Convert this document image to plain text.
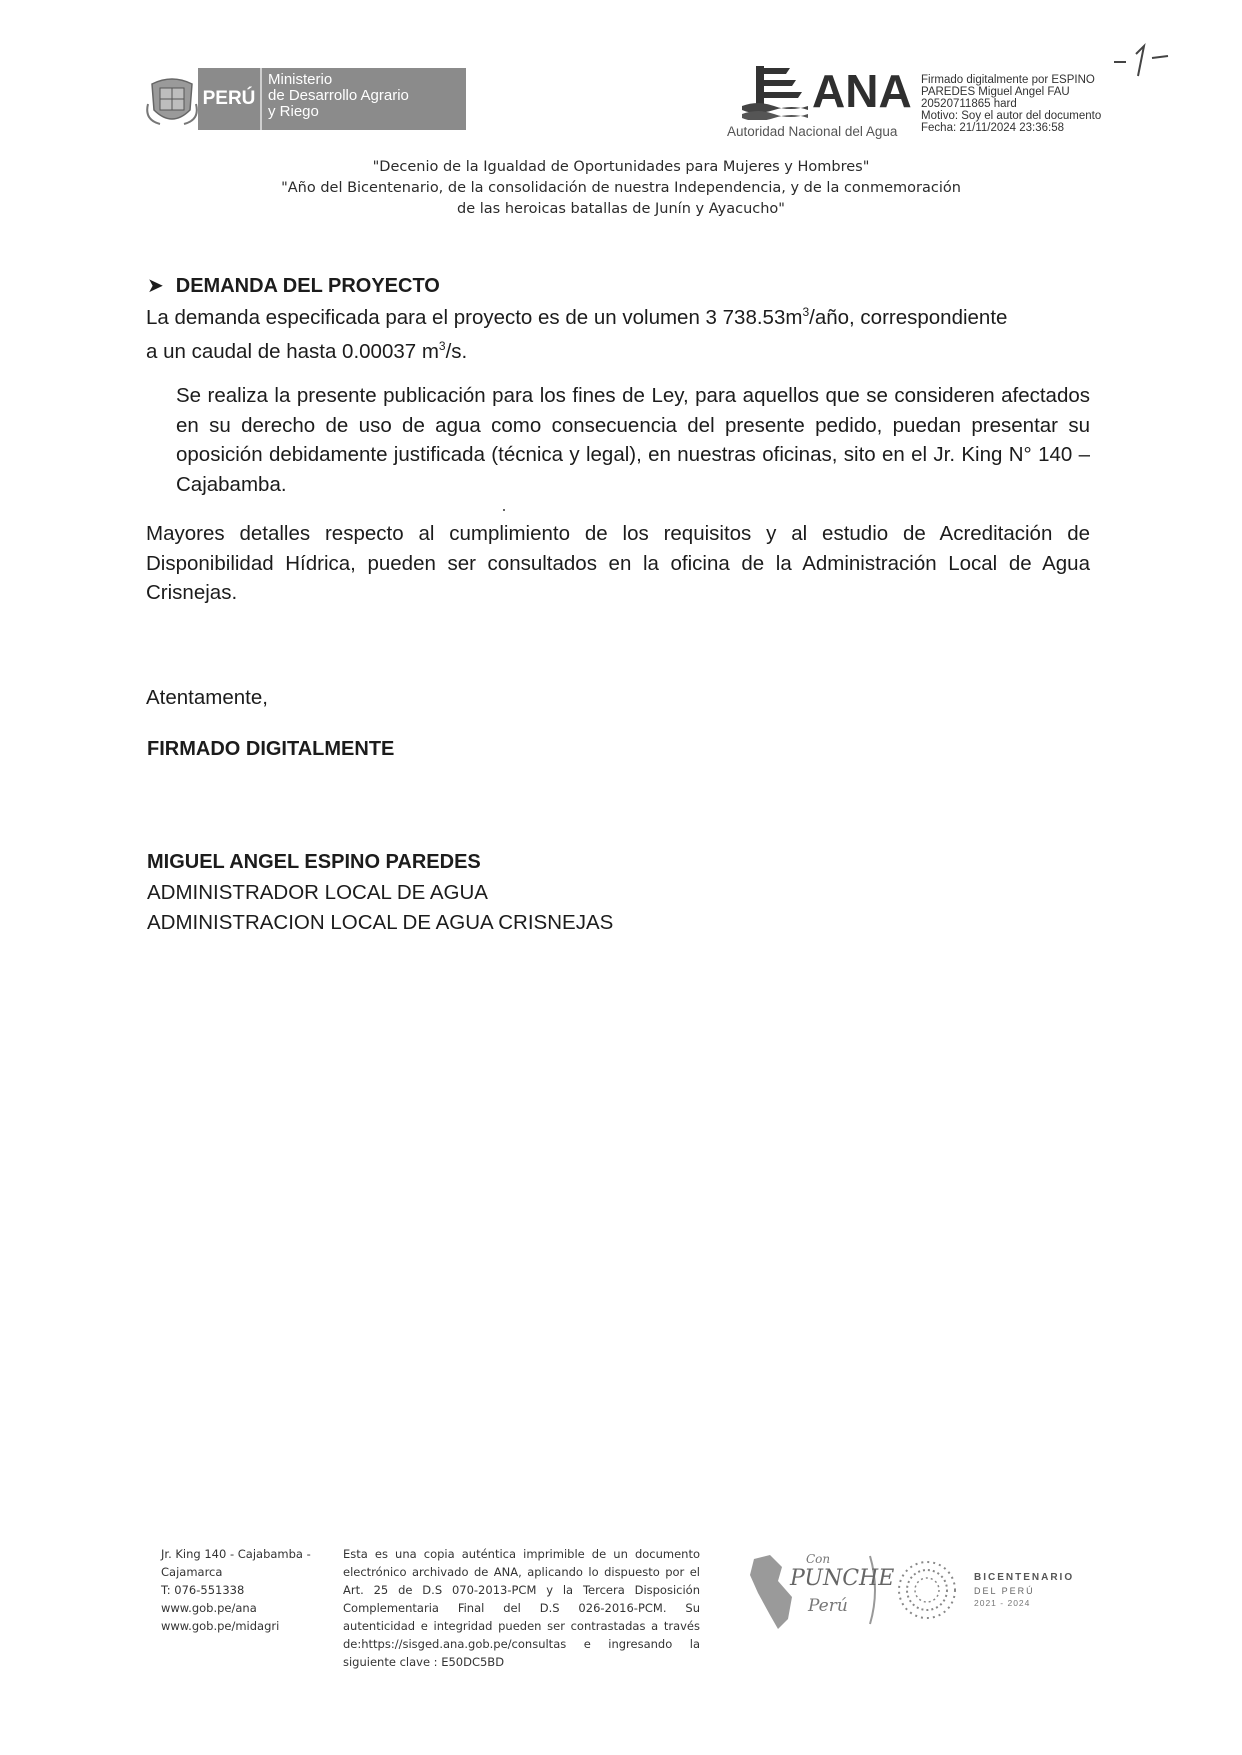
PERÚ
Ministerio
de Desarrollo Agrario
y Riego	ANA
Autoridad Nacional del Agua
Firmado digitalmente por ESPINO
PAREDES Miguel Angel FAU
20520711865 hard
Motivo: Soy el autor del documento
Fecha: 21/11/2024 23:36:58
"Decenio de la Igualdad de Oportunidades para Mujeres y Hombres"
"Año del Bicentenario, de la consolidación de nuestra Independencia, y de la conmemoración
de las heroicas batallas de Junín y Ayacucho"
➤ DEMANDA DEL PROYECTO
La demanda especificada para el proyecto es de un volumen 3 $738.53m^3$/año, correspondiente
a un caudal de hasta 0.00037 $m^3/s$.
Se realiza la presente publicación para los fines de Ley, para aquellos que se consideren afectados en su derecho de uso de agua como consecuencia del presente pedido, puedan presentar su oposición debidamente justificada (técnica y legal), en nuestras oficinas, sito en el Jr. King N° 140 – Cajabamba.
Mayores detalles respecto al cumplimiento de los requisitos y al estudio de Acreditación de Disponibilidad Hídrica, pueden ser consultados en la oficina de la Administración Local de Agua Crisnejas.
Atentamente,
FIRMADO DIGITALMENTE
MIGUEL ANGEL ESPINO PAREDES
ADMINISTRADOR LOCAL DE AGUA
ADMINISTRACION LOCAL DE AGUA CRISNEJAS
Jr. King 140 - Cajabamba -
Cajamarca
T: 076-551338
www.gob.pe/ana
www.gob.pe/midagri
Esta es una copia auténtica imprimible de un documento
electrónico archivado de ANA, aplicando lo dispuesto por el
Art. 25 de D.S 070-2013-PCM y la Tercera Disposición
Complementaria Final del D.S 026-2016-PCM. Su
autenticidad e integridad pueden ser contrastadas a través
de:https://sisged.ana.gob.pe/consultas e ingresando la
siguiente clave : E50DC5BD
Con
PUNCHE
Perú
BICENTENARIO
DEL PERÚ
2021 - 2024
